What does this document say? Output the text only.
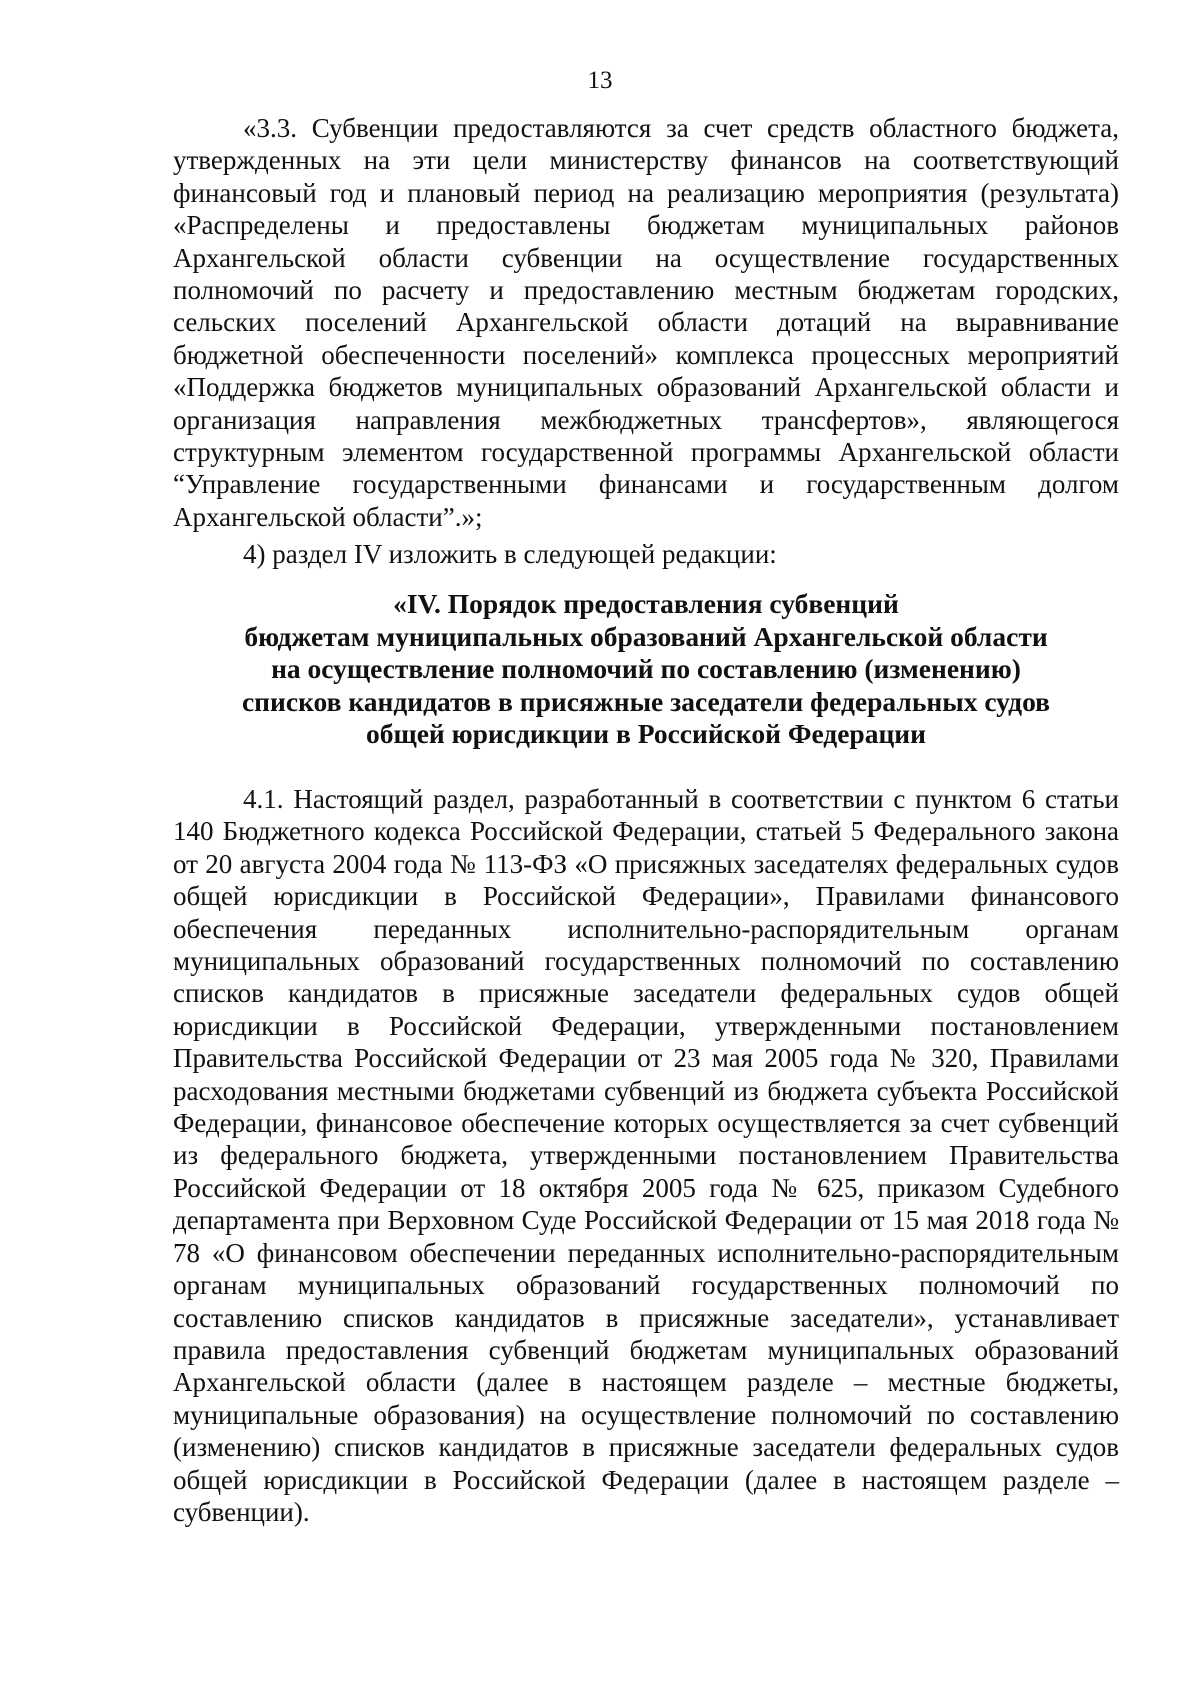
13

«3.3. Субвенции предоставляются за счет средств областного бюджета, утвержденных на эти цели министерству финансов на соответствующий финансовый год и плановый период на реализацию мероприятия (результата) «Распределены и предоставлены бюджетам муниципальных районов Архангельской области субвенции на осуществление государственных полномочий по расчету и предоставлению местным бюджетам городских, сельских поселений Архангельской области дотаций на выравнивание бюджетной обеспеченности поселений» комплекса процессных мероприятий «Поддержка бюджетов муниципальных образований Архангельской области и организация направления межбюджетных трансфертов», являющегося структурным элементом государственной программы Архангельской области “Управление государственными финансами и государственным долгом Архангельской области”.»;

4) раздел IV изложить в следующей редакции:

«IV. Порядок предоставления субвенций
бюджетам муниципальных образований Архангельской области
на осуществление полномочий по составлению (изменению)
списков кандидатов в присяжные заседатели федеральных судов
общей юрисдикции в Российской Федерации

4.1. Настоящий раздел, разработанный в соответствии с пунктом 6 статьи 140 Бюджетного кодекса Российской Федерации, статьей 5 Федерального закона от 20 августа 2004 года № 113-ФЗ «О присяжных заседателях федеральных судов общей юрисдикции в Российской Федерации», Правилами финансового обеспечения переданных исполнительно-распорядительным органам муниципальных образований государственных полномочий по составлению списков кандидатов в присяжные заседатели федеральных судов общей юрисдикции в Российской Федерации, утвержденными постановлением Правительства Российской Федерации от 23 мая 2005 года № 320, Правилами расходования местными бюджетами субвенций из бюджета субъекта Российской Федерации, финансовое обеспечение которых осуществляется за счет субвенций из федерального бюджета, утвержденными постановлением Правительства Российской Федерации от 18 октября 2005 года № 625, приказом Судебного департамента при Верховном Суде Российской Федерации от 15 мая 2018 года № 78 «О финансовом обеспечении переданных исполнительно-распорядительным органам муниципальных образований государственных полномочий по составлению списков кандидатов в присяжные заседатели», устанавливает правила предоставления субвенций бюджетам муниципальных образований Архангельской области (далее в настоящем разделе – местные бюджеты, муниципальные образования) на осуществление полномочий по составлению (изменению) списков кандидатов в присяжные заседатели федеральных судов общей юрисдикции в Российской Федерации (далее в настоящем разделе – субвенции).
